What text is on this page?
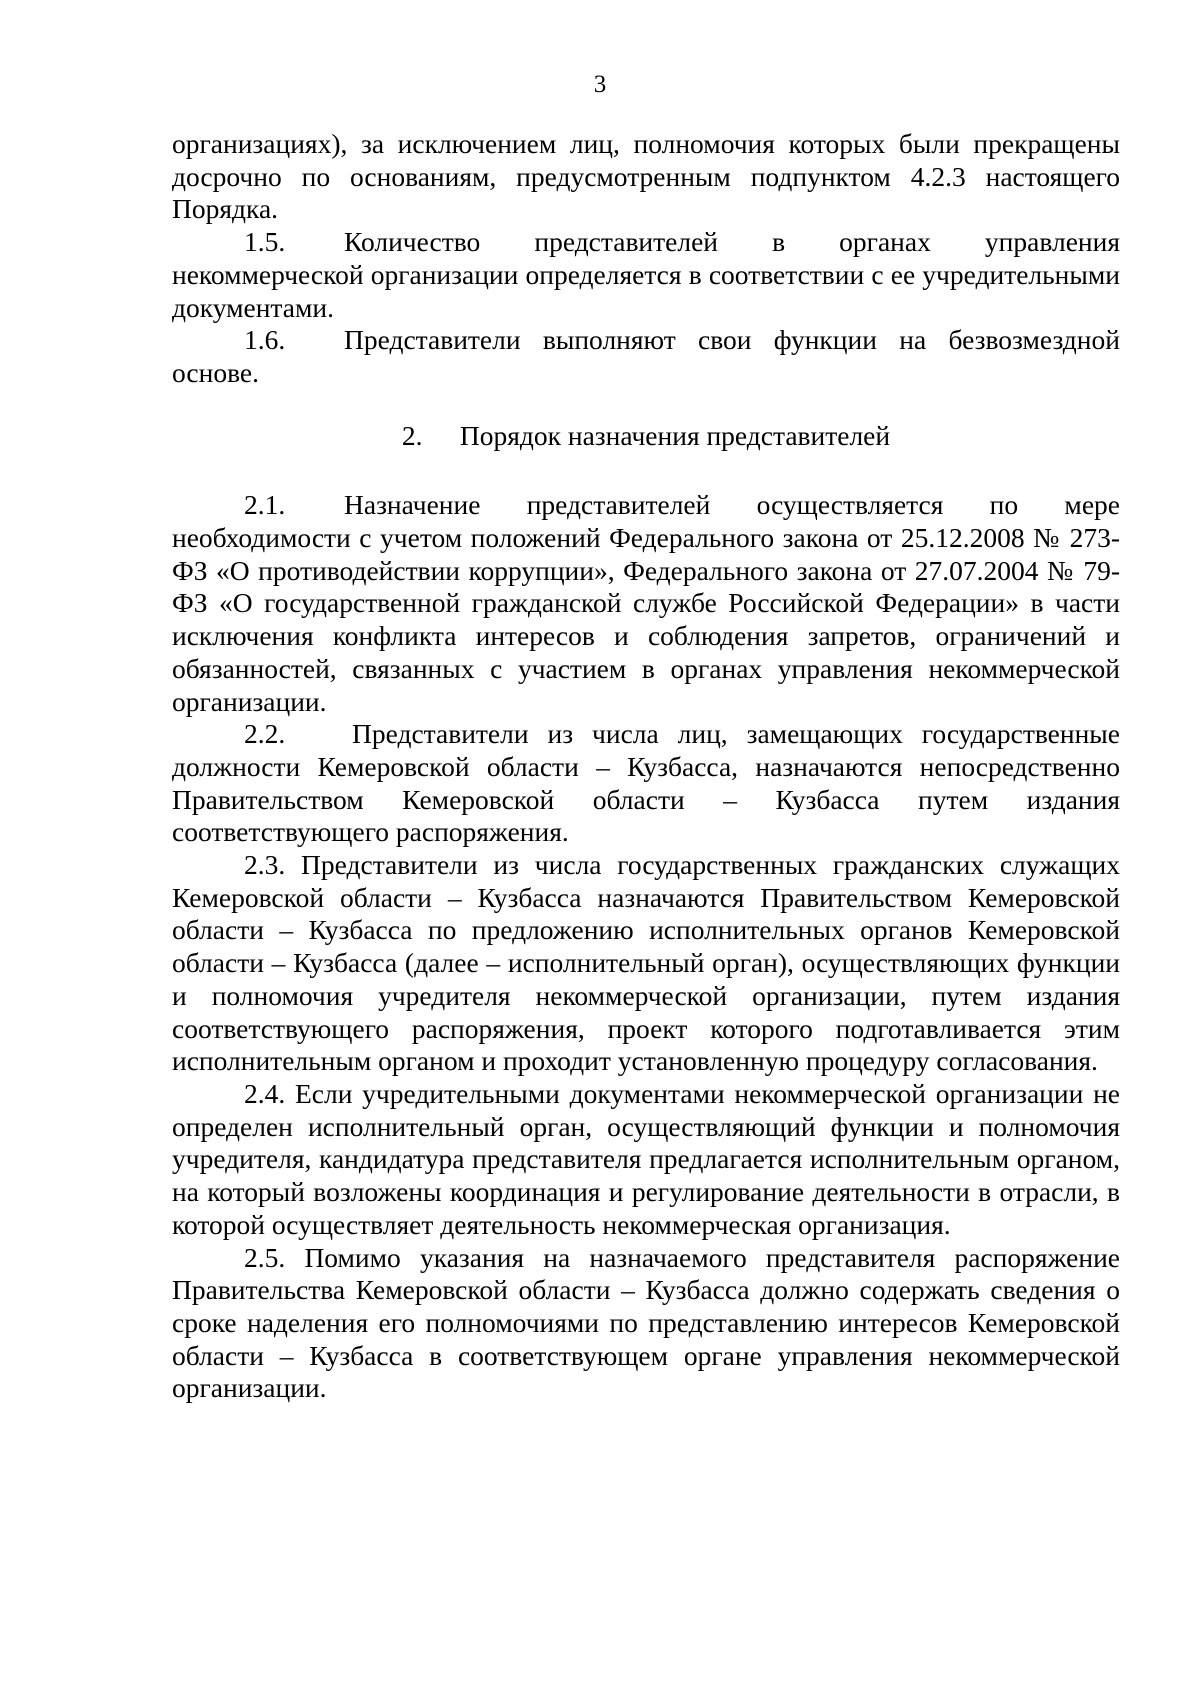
3

организациях), за исключением лиц, полномочия которых были прекращены досрочно по основаниям, предусмотренным подпунктом 4.2.3 настоящего Порядка.

1.5. Количество представителей в органах управления некоммерческой организации определяется в соответствии с ее учредительными документами.

1.6. Представители выполняют свои функции на безвозмездной основе.

2. Порядок назначения представителей

2.1. Назначение представителей осуществляется по мере необходимости с учетом положений Федерального закона от 25.12.2008 № 273-ФЗ «О противодействии коррупции», Федерального закона от 27.07.2004 № 79-ФЗ «О государственной гражданской службе Российской Федерации» в части исключения конфликта интересов и соблюдения запретов, ограничений и обязанностей, связанных с участием в органах управления некоммерческой организации.

2.2. Представители из числа лиц, замещающих государственные должности Кемеровской области – Кузбасса, назначаются непосредственно Правительством Кемеровской области – Кузбасса путем издания соответствующего распоряжения.

2.3. Представители из числа государственных гражданских служащих Кемеровской области – Кузбасса назначаются Правительством Кемеровской области – Кузбасса по предложению исполнительных органов Кемеровской области – Кузбасса (далее – исполнительный орган), осуществляющих функции и полномочия учредителя некоммерческой организации, путем издания соответствующего распоряжения, проект которого подготавливается этим исполнительным органом и проходит установленную процедуру согласования.

2.4. Если учредительными документами некоммерческой организации не определен исполнительный орган, осуществляющий функции и полномочия учредителя, кандидатура представителя предлагается исполнительным органом, на который возложены координация и регулирование деятельности в отрасли, в которой осуществляет деятельность некоммерческая организация.

2.5. Помимо указания на назначаемого представителя распоряжение Правительства Кемеровской области – Кузбасса должно содержать сведения о сроке наделения его полномочиями по представлению интересов Кемеровской области – Кузбасса в соответствующем органе управления некоммерческой организации.
